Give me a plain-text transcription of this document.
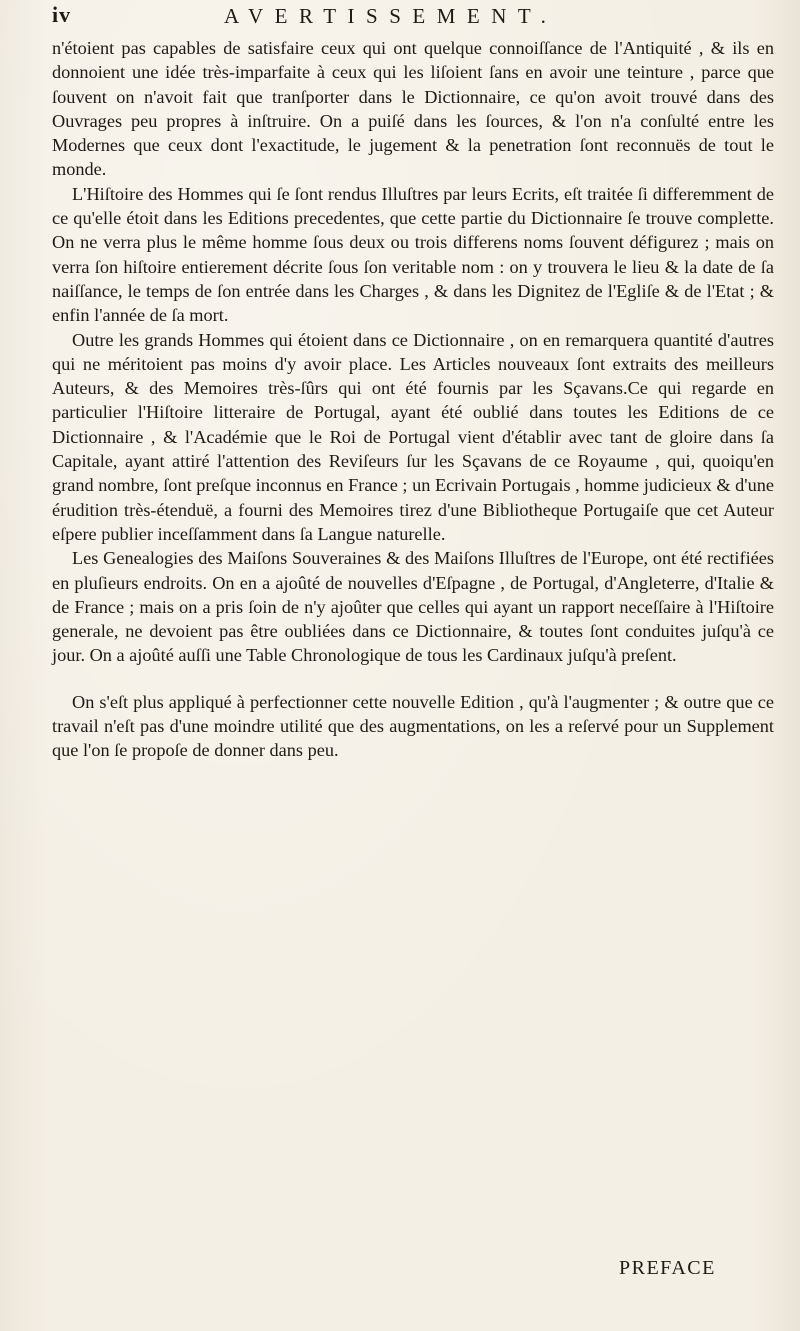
iv	AVERTISSEMENT.

n'étoient pas capables de satisfaire ceux qui ont quelque connoiſſance de l'Antiquité , & ils en donnoient une idée très-imparfaite à ceux qui les liſoient ſans en avoir une teinture , parce que ſouvent on n'avoit fait que tranſporter dans le Dictionnaire, ce qu'on avoit trouvé dans des Ouvrages peu propres à inſtruire. On a puiſé dans les ſources, & l'on n'a conſulté entre les Modernes que ceux dont l'exactitude, le jugement & la penetration ſont reconnuës de tout le monde.

L'Hiſtoire des Hommes qui ſe ſont rendus Illuſtres par leurs Ecrits, eſt traitée ſi differemment de ce qu'elle étoit dans les Editions precedentes, que cette partie du Dictionnaire ſe trouve complette. On ne verra plus le même homme ſous deux ou trois differens noms ſouvent défigurez ; mais on verra ſon hiſtoire entierement décrite ſous ſon veritable nom : on y trouvera le lieu & la date de ſa naiſſance, le temps de ſon entrée dans les Charges , & dans les Dignitez de l'Egliſe & de l'Etat ; & enfin l'année de ſa mort.

Outre les grands Hommes qui étoient dans ce Dictionnaire , on en remarquera quantité d'autres qui ne méritoient pas moins d'y avoir place. Les Articles nouveaux ſont extraits des meilleurs Auteurs, & des Memoires très-ſûrs qui ont été fournis par les Sçavans.Ce qui regarde en particulier l'Hiſtoire litteraire de Portugal, ayant été oublié dans toutes les Editions de ce Dictionnaire , & l'Académie que le Roi de Portugal vient d'établir avec tant de gloire dans ſa Capitale, ayant attiré l'attention des Reviſeurs ſur les Sçavans de ce Royaume , qui, quoiqu'en grand nombre, ſont preſque inconnus en France ; un Ecrivain Portugais , homme judicieux & d'une érudition très-étenduë, a fourni des Memoires tirez d'une Bibliotheque Portugaiſe que cet Auteur eſpere publier inceſſamment dans ſa Langue naturelle.

Les Genealogies des Maiſons Souveraines & des Maiſons Illuſtres de l'Europe, ont été rectifiées en pluſieurs endroits. On en a ajoûté de nouvelles d'Eſpagne , de Portugal, d'Angleterre, d'Italie & de France ; mais on a pris ſoin de n'y ajoûter que celles qui ayant un rapport neceſſaire à l'Hiſtoire generale, ne devoient pas être oubliées dans ce Dictionnaire, & toutes ſont conduites juſqu'à ce jour. On a ajoûté auſſi une Table Chronologique de tous les Cardinaux juſqu'à preſent.

On s'eſt plus appliqué à perfectionner cette nouvelle Edition , qu'à l'augmenter ; & outre que ce travail n'eſt pas d'une moindre utilité que des augmentations, on les a reſervé pour un Supplement que l'on ſe propoſe de donner dans peu.

PREFACE
